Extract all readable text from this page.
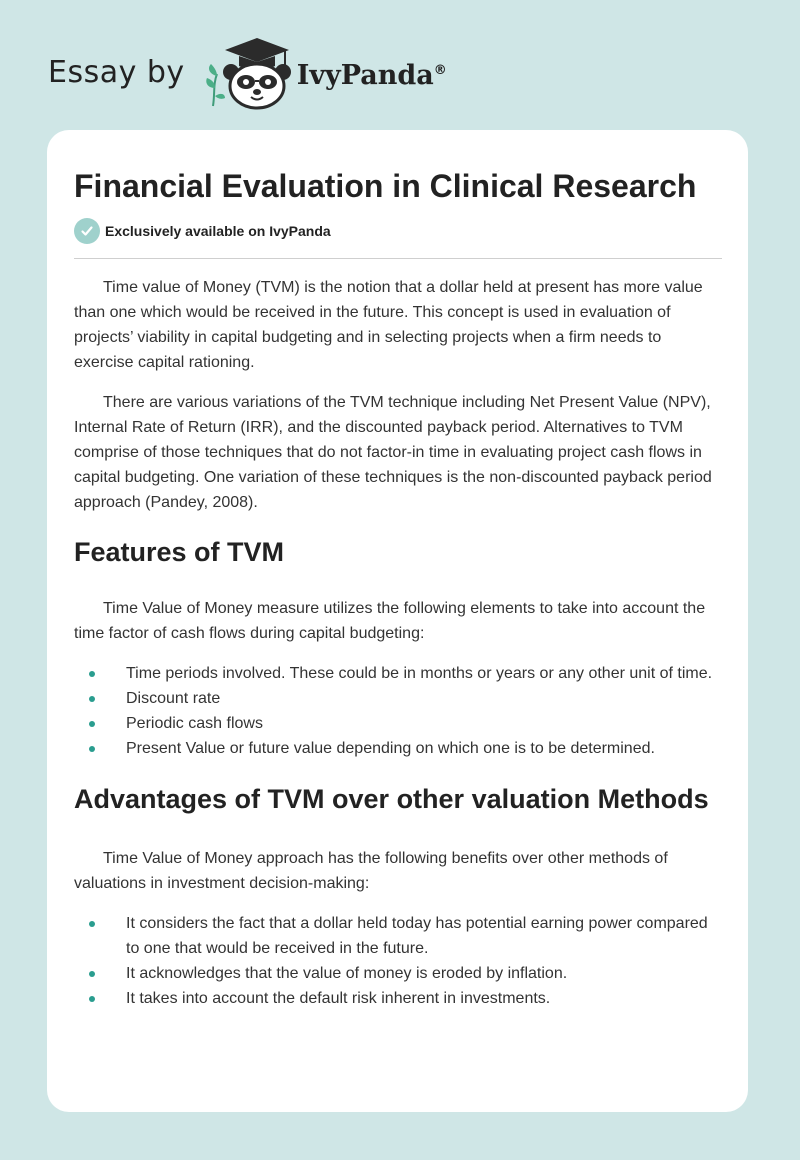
Essay by	IvyPanda®
Financial Evaluation in Clinical Research
Exclusively available on IvyPanda

Time value of Money (TVM) is the notion that a dollar held at present has more value than one which would be received in the future. This concept is used in evaluation of projects’ viability in capital budgeting and in selecting projects when a firm needs to exercise capital rationing.

There are various variations of the TVM technique including Net Present Value (NPV), Internal Rate of Return (IRR), and the discounted payback period. Alternatives to TVM comprise of those techniques that do not factor-in time in evaluating project cash flows in capital budgeting. One variation of these techniques is the non-discounted payback period approach (Pandey, 2008).

Features of TVM

Time Value of Money measure utilizes the following elements to take into account the time factor of cash flows during capital budgeting:

Time periods involved. These could be in months or years or any other unit of time.
Discount rate
Periodic cash flows
Present Value or future value depending on which one is to be determined.
Advantages of TVM over other valuation Methods

Time Value of Money approach has the following benefits over other methods of valuations in investment decision-making:

It considers the fact that a dollar held today has potential earning power compared to one that would be received in the future.
It acknowledges that the value of money is eroded by inflation.
It takes into account the default risk inherent in investments.
